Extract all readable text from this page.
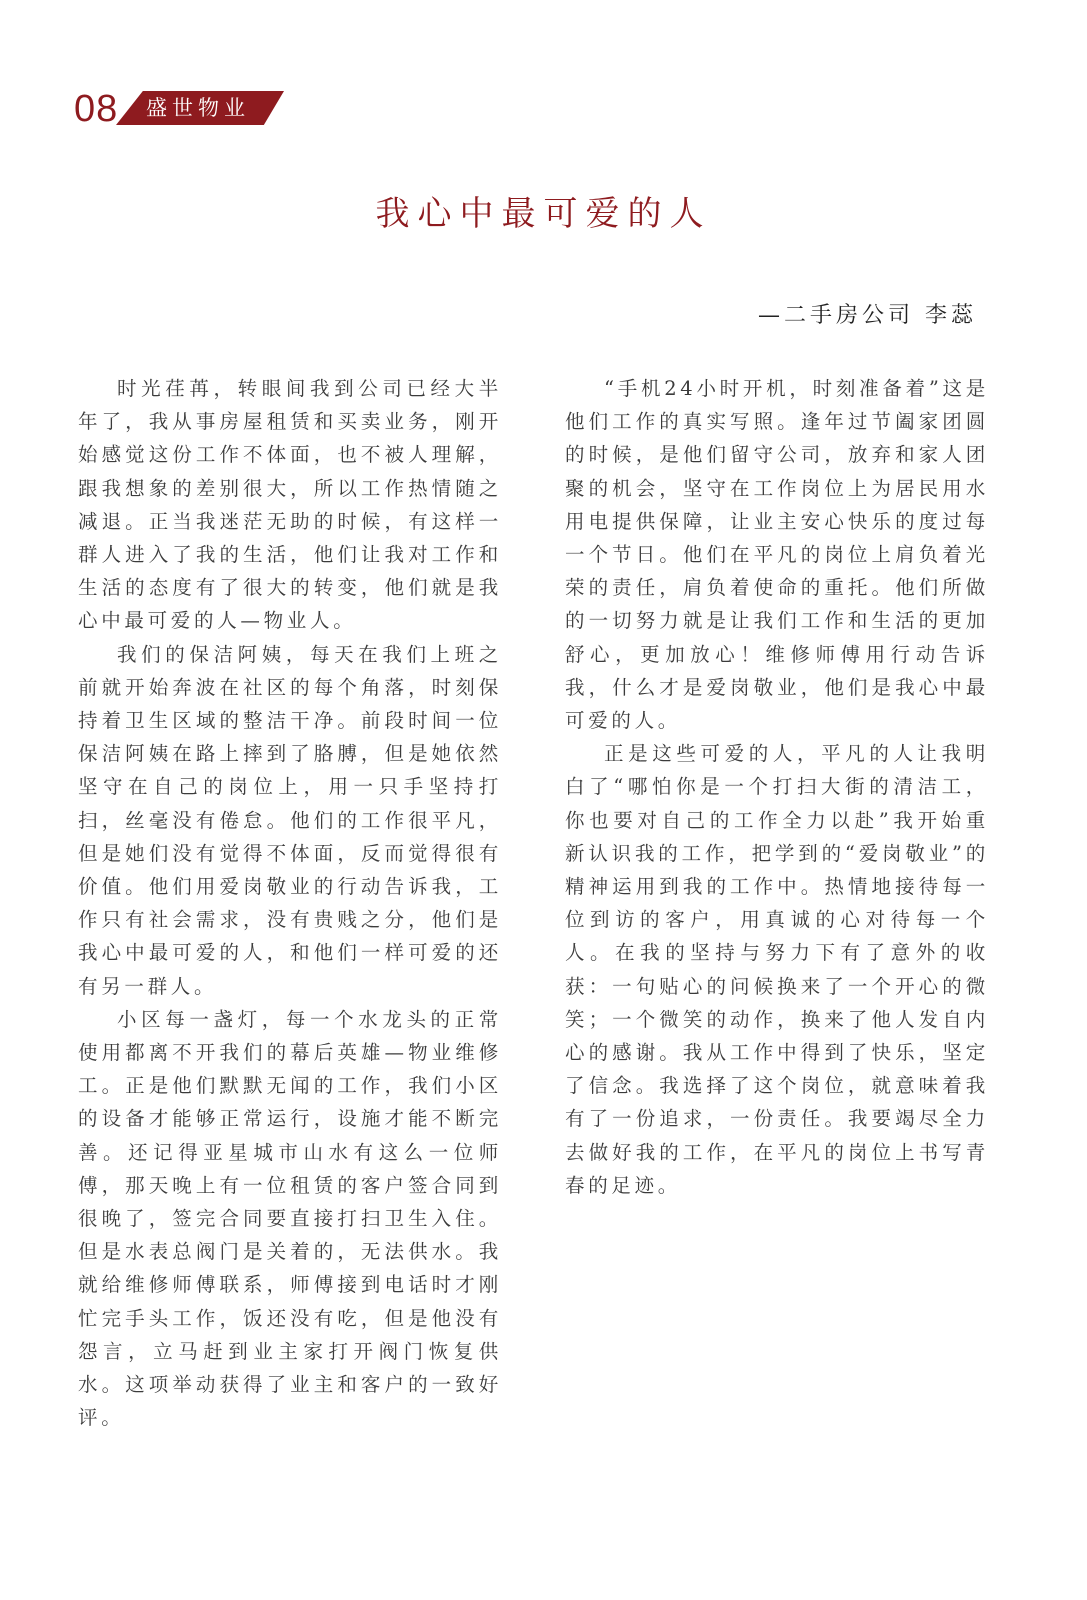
08 盛世物业
我心中最可爱的人
—二手房公司 李蕊

时光荏苒，转眼间我到公司已经大半年了，我从事房屋租赁和买卖业务，刚开始感觉这份工作不体面，也不被人理解，跟我想象的差别很大，所以工作热情随之减退。正当我迷茫无助的时候，有这样一群人进入了我的生活，他们让我对工作和生活的态度有了很大的转变，他们就是我心中最可爱的人—物业人。

我们的保洁阿姨，每天在我们上班之前就开始奔波在社区的每个角落，时刻保持着卫生区域的整洁干净。前段时间一位保洁阿姨在路上摔到了胳膊，但是她依然坚守在自己的岗位上，用一只手坚持打扫，丝毫没有倦怠。他们的工作很平凡，但是她们没有觉得不体面，反而觉得很有价值。他们用爱岗敬业的行动告诉我，工作只有社会需求，没有贵贱之分，他们是我心中最可爱的人，和他们一样可爱的还有另一群人。

小区每一盏灯，每一个水龙头的正常使用都离不开我们的幕后英雄—物业维修工。正是他们默默无闻的工作，我们小区的设备才能够正常运行，设施才能不断完善。还记得亚星城市山水有这么一位师傅，那天晚上有一位租赁的客户签合同到很晚了，签完合同要直接打扫卫生入住。但是水表总阀门是关着的，无法供水。我就给维修师傅联系，师傅接到电话时才刚忙完手头工作，饭还没有吃，但是他没有怨言，立马赶到业主家打开阀门恢复供水。这项举动获得了业主和客户的一致好评。

“手机24小时开机，时刻准备着”这是他们工作的真实写照。逢年过节阖家团圆的时候，是他们留守公司，放弃和家人团聚的机会，坚守在工作岗位上为居民用水用电提供保障，让业主安心快乐的度过每一个节日。他们在平凡的岗位上肩负着光荣的责任，肩负着使命的重托。他们所做的一切努力就是让我们工作和生活的更加舒心，更加放心！维修师傅用行动告诉我，什么才是爱岗敬业，他们是我心中最可爱的人。

正是这些可爱的人，平凡的人让我明白了“哪怕你是一个打扫大街的清洁工，你也要对自己的工作全力以赴”我开始重新认识我的工作，把学到的“爱岗敬业”的精神运用到我的工作中。热情地接待每一位到访的客户，用真诚的心对待每一个人。在我的坚持与努力下有了意外的收获：一句贴心的问候换来了一个开心的微笑；一个微笑的动作，换来了他人发自内心的感谢。我从工作中得到了快乐，坚定了信念。我选择了这个岗位，就意味着我有了一份追求，一份责任。我要竭尽全力去做好我的工作，在平凡的岗位上书写青春的足迹。
